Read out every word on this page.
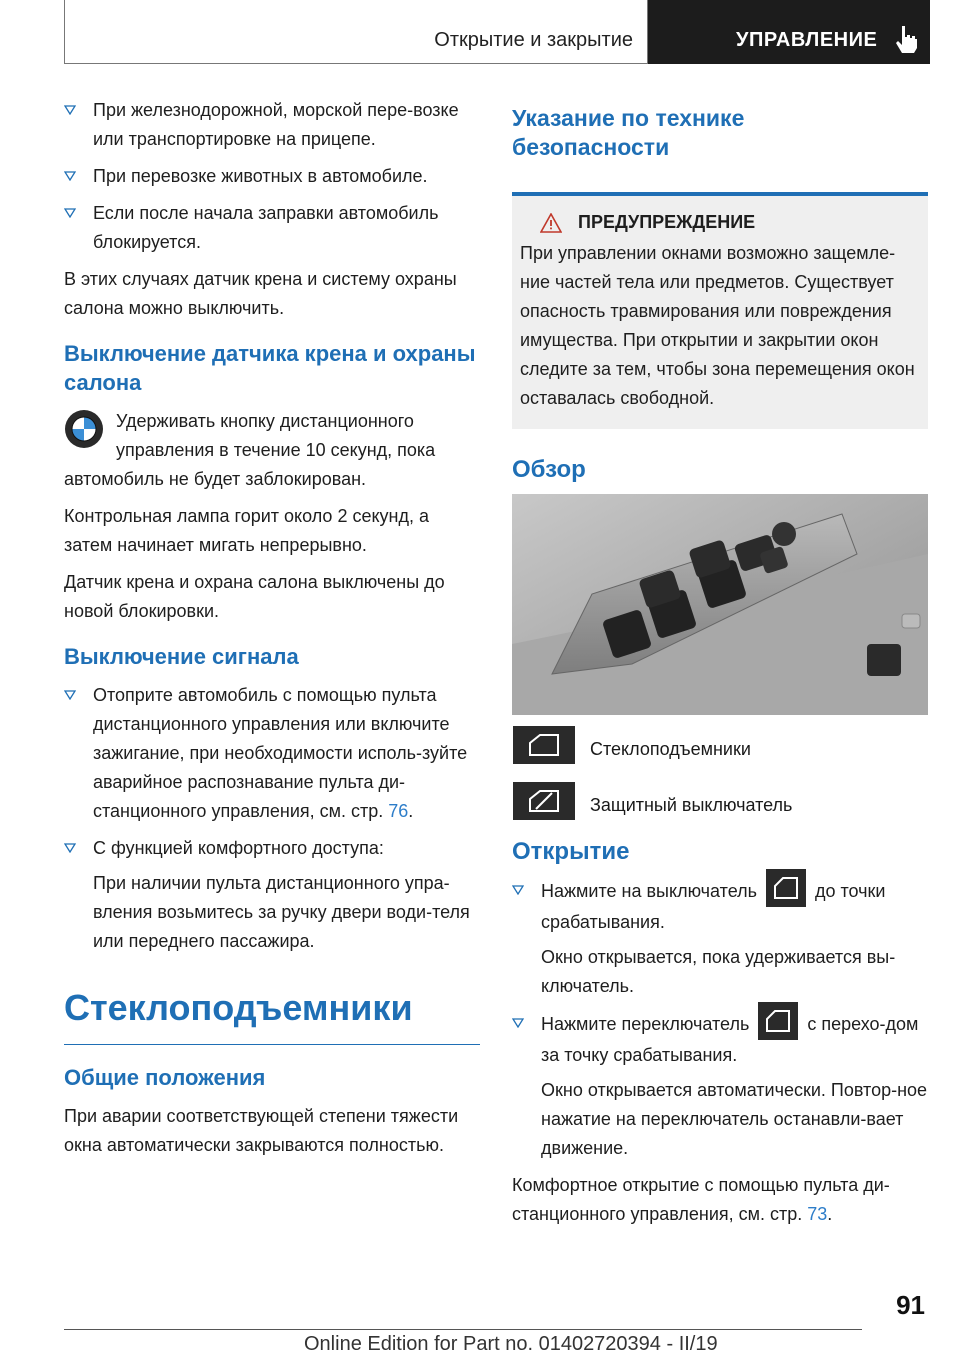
Открытие и закрытие	УПРАВЛЕНИЕ

При железнодорожной, морской пере-возке или транспортировке на прицепе.

При перевозке животных в автомобиле.

Если после начала заправки автомобиль блокируется.

В этих случаях датчик крена и систему охраны салона можно выключить.

Выключение датчика крена и охраны салона

Удерживать кнопку дистанционного управления в течение 10 секунд, пока автомобиль не будет заблокирован.

Контрольная лампа горит около 2 секунд, а затем начинает мигать непрерывно.

Датчик крена и охрана салона выключены до новой блокировки.

Выключение сигнала

Отоприте автомобиль с помощью пульта дистанционного управления или включите зажигание, при необходимости исполь-зуйте аварийное распознавание пульта ди-станционного управления, см. стр. 76.

С функцией комфортного доступа:

При наличии пульта дистанционного упра-вления возьмитесь за ручку двери води-теля или переднего пассажира.

Стеклоподъемники
Общие положения

При аварии соответствующей степени тяжести окна автоматически закрываются полностью.

Указание по технике безопасности
ПРЕДУПРЕЖДЕНИЕ

При управлении окнами возможно защемле-ние частей тела или предметов. Существует опасность травмирования или повреждения имущества. При открытии и закрытии окон следите за тем, чтобы зона перемещения окон оставалась свободной.

Обзор
Стеклоподъемники
Защитный выключатель
Открытие

Нажмите на выключатель	до точки срабатывания.

Окно открывается, пока удерживается вы-ключатель.

Нажмите переключатель	с перехо-дом за точку срабатывания.

Окно открывается автоматически. Повтор-ное нажатие на переключатель останавли-вает движение.

Комфортное открытие с помощью пульта ди-станционного управления, см. стр. 73.

91
Online Edition for Part no. 01402720394 - II/19
